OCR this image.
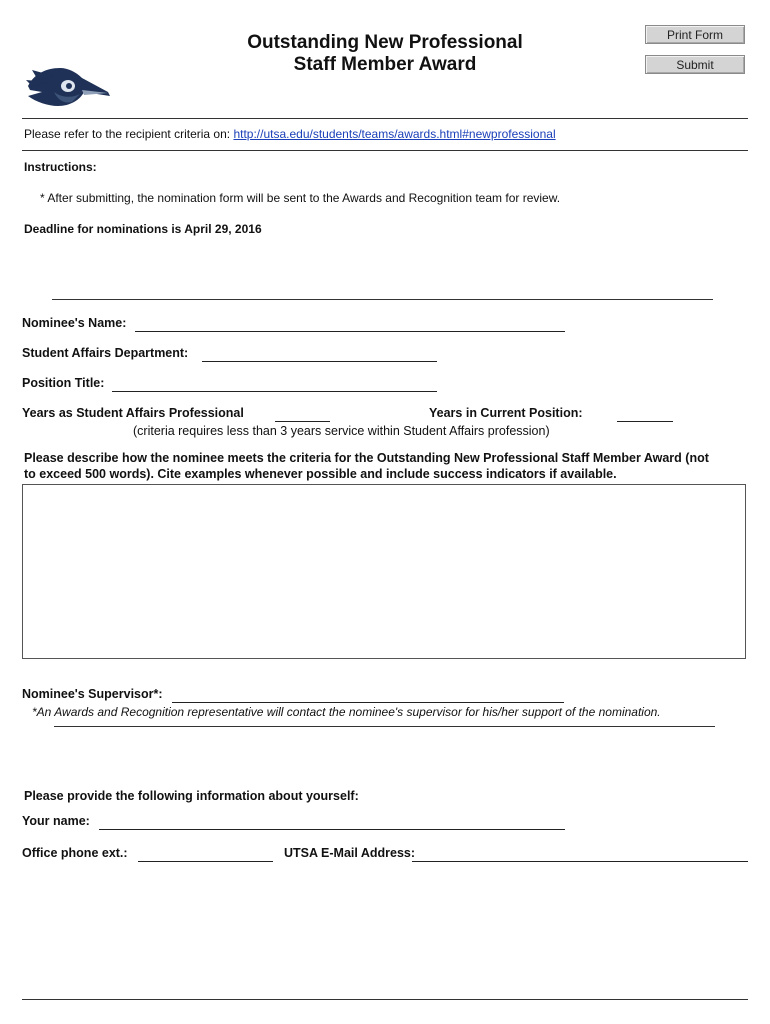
Outstanding New Professional
Staff Member Award
Print Form
Submit
Please refer to the recipient criteria on: http://utsa.edu/students/teams/awards.html#newprofessional
Instructions:
* After submitting, the nomination form will be sent to the Awards and Recognition team for review.
Deadline for nominations is April 29, 2016
Nominee's Name:
Student Affairs Department:
Position Title:
Years as Student Affairs Professional	Years in Current Position:
(criteria requires less than 3 years service within Student Affairs profession)
Please describe how the nominee meets the criteria for the Outstanding New Professional Staff Member Award (not
to exceed 500 words). Cite examples whenever possible and include success indicators if available.
Nominee's Supervisor*:
*An Awards and Recognition representative will contact the nominee's supervisor for his/her support of the nomination.
Please provide the following information about yourself:
Your name:
Office phone ext.:	UTSA E-Mail Address:
